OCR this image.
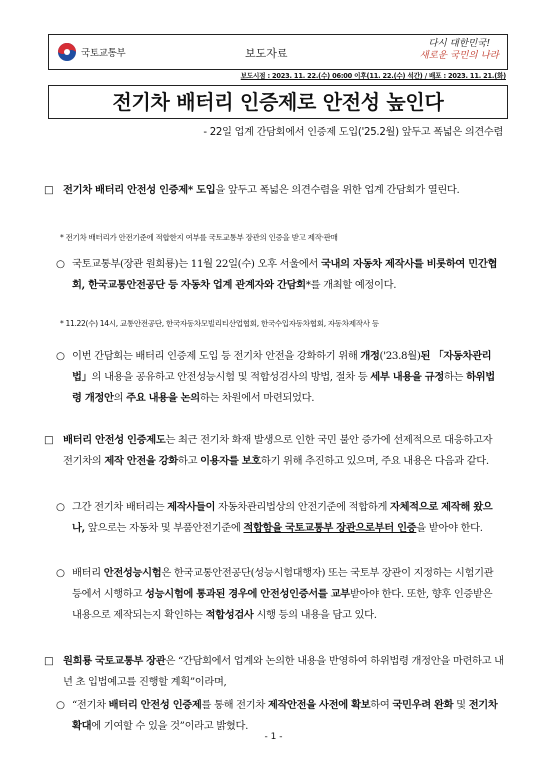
국토교통부	보도자료
다시 대한민국!
새로운 국민의 나라
보도시점 : 2023. 11. 22.(수) 06:00 이후(11. 22.(수) 석간) / 배포 : 2023. 11. 21.(화)
전기차 배터리 인증제로 안전성 높인다
- 22일 업계 간담회에서 인증제 도입('25.2월) 앞두고 폭넓은 의견수렴
□ 전기차 배터리 안전성 인증제* 도입을 앞두고 폭넓은 의견수렴을 위한 업계 간담회가 열린다.
* 전기차 배터리가 안전기준에 적합한지 여부를 국토교통부 장관의 인증을 받고 제작·판매
○ 국토교통부(장관 원희룡)는 11월 22일(수) 오후 서울에서 국내의 자동차 제작사를 비롯하여 민간협회, 한국교통안전공단 등 자동차 업계 관계자와 간담회*를 개최할 예정이다.
* 11.22(수) 14시, 교통안전공단, 한국자동차모빌리티산업협회, 한국수입자동차협회, 자동차제작사 등
○ 이번 간담회는 배터리 인증제 도입 등 전기차 안전을 강화하기 위해 개정('23.8월)된 「자동차관리법」의 내용을 공유하고 안전성능시험 및 적합성검사의 방법, 절차 등 세부 내용을 규정하는 하위법령 개정안의 주요 내용을 논의하는 차원에서 마련되었다.
□ 배터리 안전성 인증제도는 최근 전기차 화재 발생으로 인한 국민 불안 증가에 선제적으로 대응하고자 전기차의 제작 안전을 강화하고 이용자를 보호하기 위해 추진하고 있으며, 주요 내용은 다음과 같다.
○ 그간 전기차 배터리는 제작사들이 자동차관리법상의 안전기준에 적합하게 자체적으로 제작해 왔으나, 앞으로는 자동차 및 부품안전기준에 적합함을 국토교통부 장관으로부터 인증을 받아야 한다.
○ 배터리 안전성능시험은 한국교통안전공단(성능시험대행자) 또는 국토부 장관이 지정하는 시험기관 등에서 시행하고 성능시험에 통과된 경우에 안전성인증서를 교부받아야 한다. 또한, 향후 인증받은 내용으로 제작되는지 확인하는 적합성검사 시행 등의 내용을 담고 있다.
□ 원희룡 국토교통부 장관은 “간담회에서 업계와 논의한 내용을 반영하여 하위법령 개정안을 마련하고 내년 초 입법예고를 진행할 계획”이라며,
○ “전기차 배터리 안전성 인증제를 통해 전기차 제작안전을 사전에 확보하여 국민우려 완화 및 전기차 확대에 기여할 수 있을 것”이라고 밝혔다.
- 1 -
